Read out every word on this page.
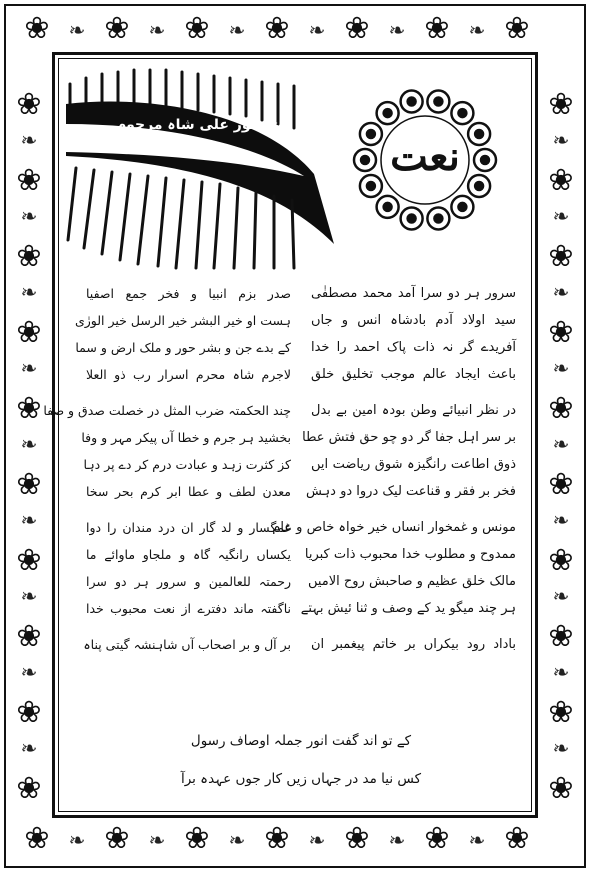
❀
❀
❧
❧
❀
❀
❧
❧
❀
❀
❧
❧
❀
❀
❧
❧
❀
❀
❧
❧
❀
❀
❧
❧
❀
❀
❀	❀
❧	❧
❀	❀
❧	❧
❀	❀
❧	❧
❀	❀
❧	❧
❀	❀
❧	❧
❀	❀
❧	❧
❀	❀
❧	❧
❀	❀
❧	❧
❀	❀
❧	❧
❀	❀
از: انور علی شاہ مرحوم
نعت
سرور ہر دو سرا آمد محمد مصطفٰی
سید اولاد آدم بادشاہ انس و جاں
آفریدے گر نہ ذات پاک احمد را خدا
باعث ایجاد عالم موجب تخلیق خلق
در نظر انبیائے وطن بودہ امین بے بدل
بر سر اہل جفا گر دو چو حق فتش عطا
ذوق اطاعت رانگیزہ شوق ریاضت ایں
فخر بر فقر و قناعت لیک دروا دو دہش
مونس و غمخوار انساں خیر خواہ خاص و عام
ممدوح و مطلوب خدا محبوب ذات کبریا
مالک خلق عظیم و صاحبش روح الامیں
ہر چند میگو ید کے وصف و ثنا ئیش بہتے
باداد رود بیکراں بر خاتم پیغمبر ان
صدر بزم انبیا و فخر جمع اصفیا
ہست او خیر البشر خیر الرسل خیر الورٰی
کے بدے جن و بشر حور و ملک ارض و سما
لاجرم شاہ محرم اسرار رب ذو العلا
چند الحکمتہ ضرب المثل در خصلت صدق و صفا
بخشید ہر جرم و خطا آں پیکر مہر و وفا
کز کثرت زہد و عبادت درم کر دے پر دہا
معدن لطف و عطا ابر کرم بحر سخا
غمگسار و لد گار ان درد مندان را دوا
یکساں رانگیہ گاہ و ملجاو ماوائے ما
رحمتہ للعالمین و سرور ہر دو سرا
ناگفتہ ماند دفترے از نعت محبوب خدا
بر آل و بر اصحاب آں شاہنشہ گیتی پناہ
کے تو اند گفت انور جملہ اوصاف رسول
کس نیا مد در جہاں زیں کار جوں عہدہ برآ
